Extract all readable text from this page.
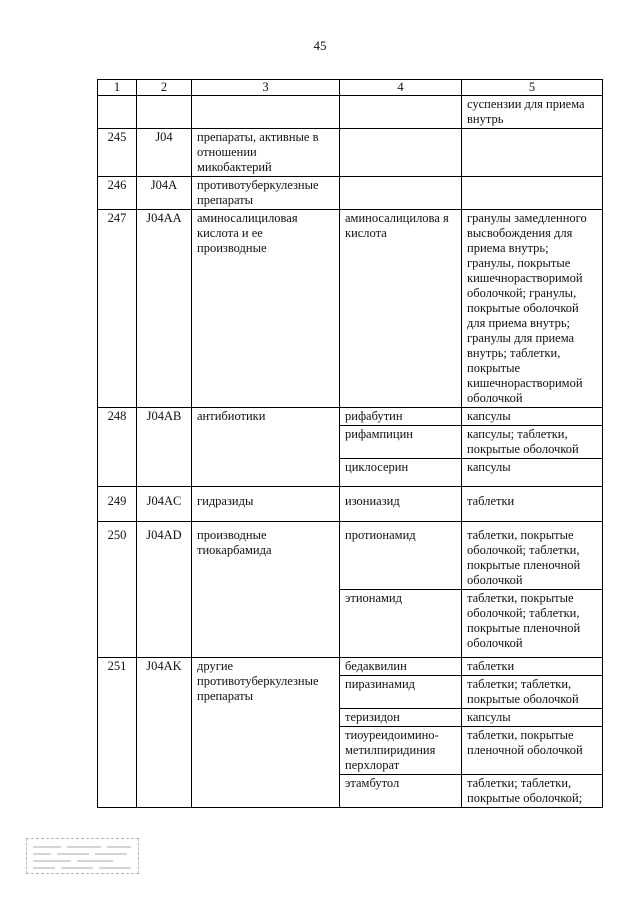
45
1	2	3	4	5
				суспензии для приема внутрь
245	J04	препараты, активные в отношении микобактерий		
246	J04A	противотуберкулезные препараты		
247	J04AA	аминосалициловая кислота и ее производные	аминосалицилова я кислота	гранулы замедленного высвобождения для приема внутрь; гранулы, покрытые кишечнорастворимой оболочкой; гранулы, покрытые оболочкой для приема внутрь; гранулы для приема внутрь; таблетки, покрытые кишечнорастворимой оболочкой
248	J04AB	антибиотики	рифабутин	капсулы
			рифампицин	капсулы; таблетки, покрытые оболочкой
			циклосерин	капсулы
249	J04AC	гидразиды	изониазид	таблетки
250	J04AD	производные тиокарбамида	протионамид	таблетки, покрытые оболочкой; таблетки, покрытые пленочной оболочкой
			этионамид	таблетки, покрытые оболочкой; таблетки, покрытые пленочной оболочкой
251	J04AK	другие противотуберкулезные препараты	бедаквилин	таблетки
			пиразинамид	таблетки; таблетки, покрытые оболочкой
			теризидон	капсулы
			тиоуреидоимино-метилпиридиния перхлорат	таблетки, покрытые пленочной оболочкой
			этамбутол	таблетки; таблетки, покрытые оболочкой;
